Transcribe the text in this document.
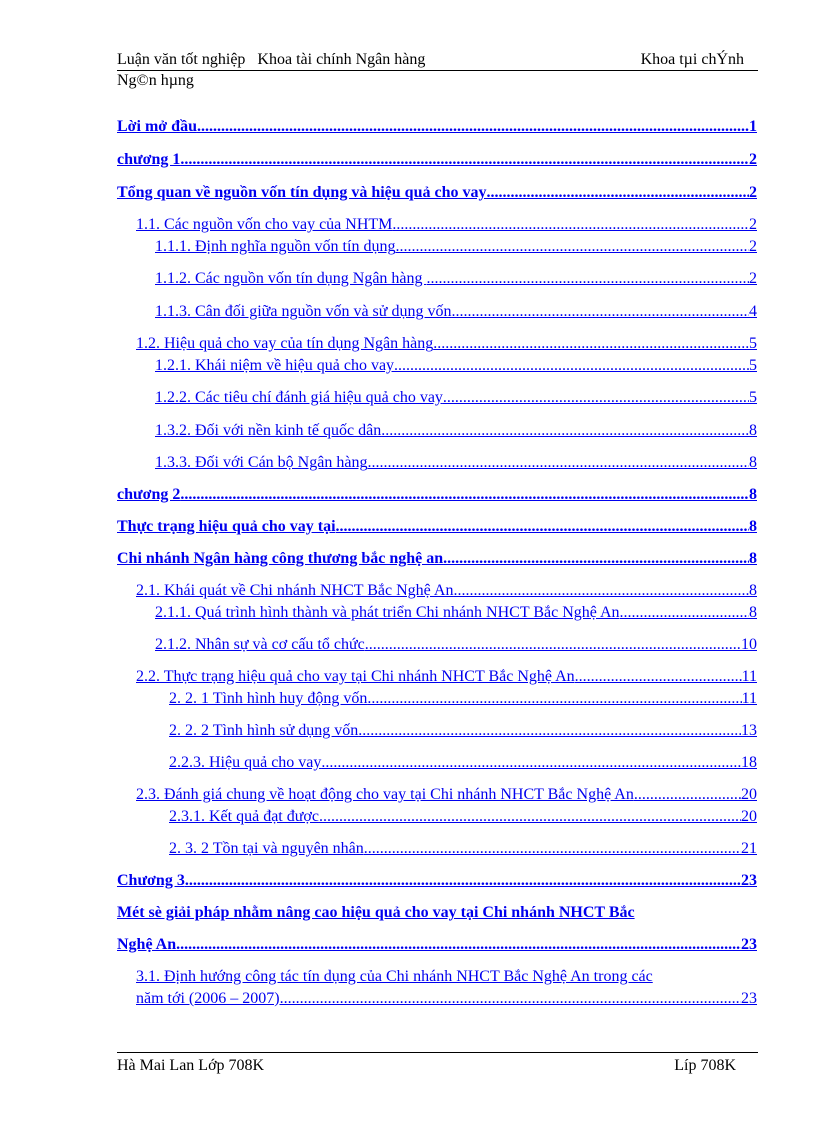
Luận văn tốt nghiệp   Khoa tài chính Ngân hàng	Khoa tµi chÝnh
Ng©n hµng
Lời mở đầu .....	1
chương 1 .....	2
Tổng quan về nguồn vốn tín dụng và hiệu quả cho vay .....	2
1.1. Các nguồn vốn cho vay của NHTM .....	2
1.1.1. Định nghĩa nguồn vốn tín dụng .....	2
1.1.2. Các nguồn vốn tín dụng Ngân hàng .....	2
1.1.3. Cân đối giữa nguồn vốn và sử dụng vốn .....	4
1.2. Hiệu quả cho vay của tín dụng Ngân hàng .....	5
1.2.1. Khái niệm về hiệu quả cho vay .....	5
1.2.2. Các tiêu chí đánh giá hiệu quả cho vay .....	5
1.3.2. Đối với nền kinh tế quốc dân .....	8
1.3.3. Đối với Cán bộ Ngân hàng .....	8
chương 2 .....	8
Thực trạng hiệu quả cho vay tại .....	8
Chi nhánh Ngân hàng công thương bắc nghệ an .....	8
2.1. Khái quát về Chi nhánh NHCT Bắc Nghệ An .....	8
2.1.1. Quá trình hình thành và phát triển Chi nhánh NHCT Bắc Nghệ An .....	8
2.1.2. Nhân sự và cơ cấu tổ chức .....	10
2.2. Thực trạng hiệu quả cho vay tại Chi nhánh NHCT Bắc Nghệ An .....	11
2. 2. 1 Tình hình huy động vốn .....	11
2. 2. 2 Tình hình sử dụng vốn .....	13
2.2.3. Hiệu quả cho vay .....	18
2.3. Đánh giá chung về hoạt động cho vay tại Chi nhánh NHCT Bắc Nghệ An .....	20
2.3.1. Kết quả đạt được .....	20
2. 3. 2 Tồn tại và nguyên nhân .....	21
Chương 3 .....	23
Mét sè giải pháp nhằm nâng cao hiệu quả cho vay tại Chi nhánh NHCT Bắc
Nghệ An .....	23
3.1. Định hướng công tác tín dụng của Chi nhánh NHCT Bắc Nghệ An trong các
năm tới (2006 – 2007) .....	23
Hà Mai Lan Lớp 708K	Líp 708K
